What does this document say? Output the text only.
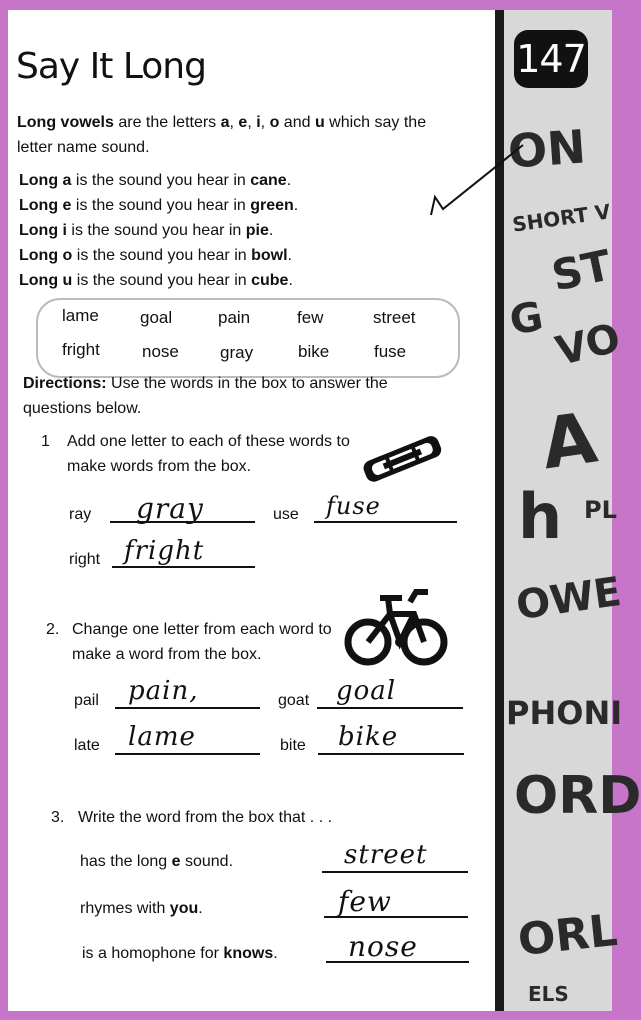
147
ON
SHORT V
ST
G VO
A
h PL
OWE
PHONI
ORD
ORL
ELS
Say It Long
Long vowels are the letters a, e, i, o and u which say the
letter name sound.
Long a is the sound you hear in cane.
Long e is the sound you hear in green.
Long i is the sound you hear in pie.
Long o is the sound you hear in bowl.
Long u is the sound you hear in cube.
lame goal	pain	few	street
fright nose gray	bike	fuse
Directions: Use the words in the box to answer the
questions below.
1 Add one letter to each of these words to
make words from the box.
ray gray	use fuse
right fright
2. Change one letter from each word to
make a word from the box.
pail pain,	goat goal
late lame	bite bike
3. Write the word from the box that . . .
has the long e sound.	street
rhymes with you.	few
is a homophone for knows.	nose
